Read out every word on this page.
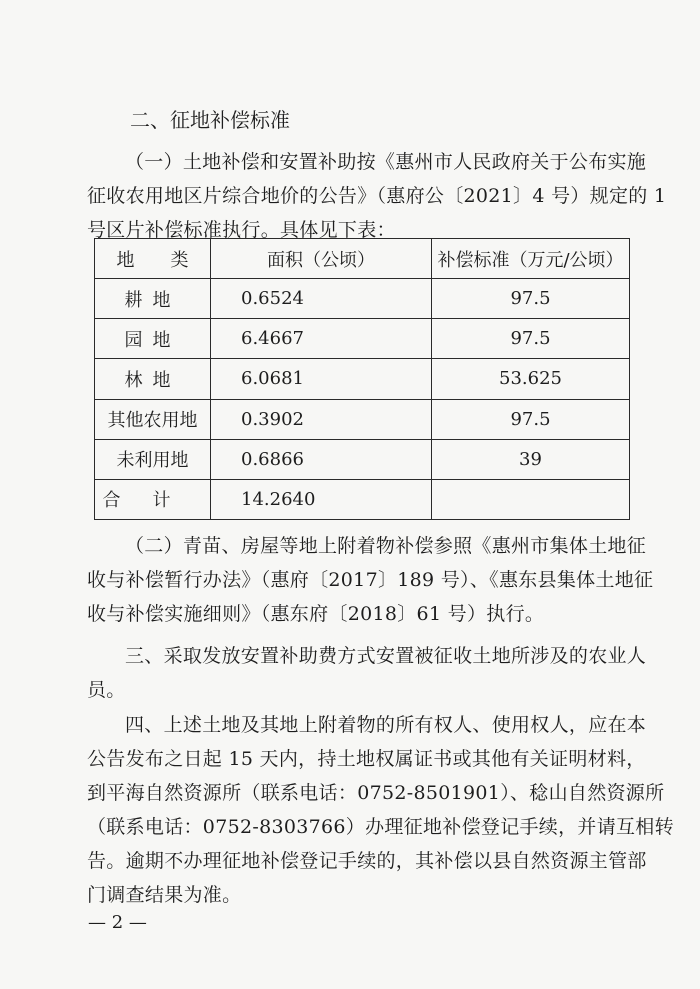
二、征地补偿标准
（一）土地补偿和安置补助按《惠州市人民政府关于公布实施
征收农用地区片综合地价的公告》（惠府公〔2021〕4 号）规定的 1
号区片补偿标准执行。具体见下表：
地　　类	面积（公顷）	补偿标准（万元/公顷）
耕地	0.6524	97.5
园地	6.4667	97.5
林地	6.0681	53.625
其他农用地	0.3902	97.5
未利用地	0.6866	39
合计	14.2640	
（二）青苗、房屋等地上附着物补偿参照《惠州市集体土地征
收与补偿暂行办法》（惠府〔2017〕189 号）、《惠东县集体土地征
收与补偿实施细则》（惠东府〔2018〕61 号）执行。
三、采取发放安置补助费方式安置被征收土地所涉及的农业人
员。
四、上述土地及其地上附着物的所有权人、使用权人，应在本
公告发布之日起 15 天内，持土地权属证书或其他有关证明材料，
到平海自然资源所（联系电话：0752-8501901）、稔山自然资源所
（联系电话：0752-8303766）办理征地补偿登记手续，并请互相转
告。逾期不办理征地补偿登记手续的，其补偿以县自然资源主管部
门调查结果为准。
— 2 —
